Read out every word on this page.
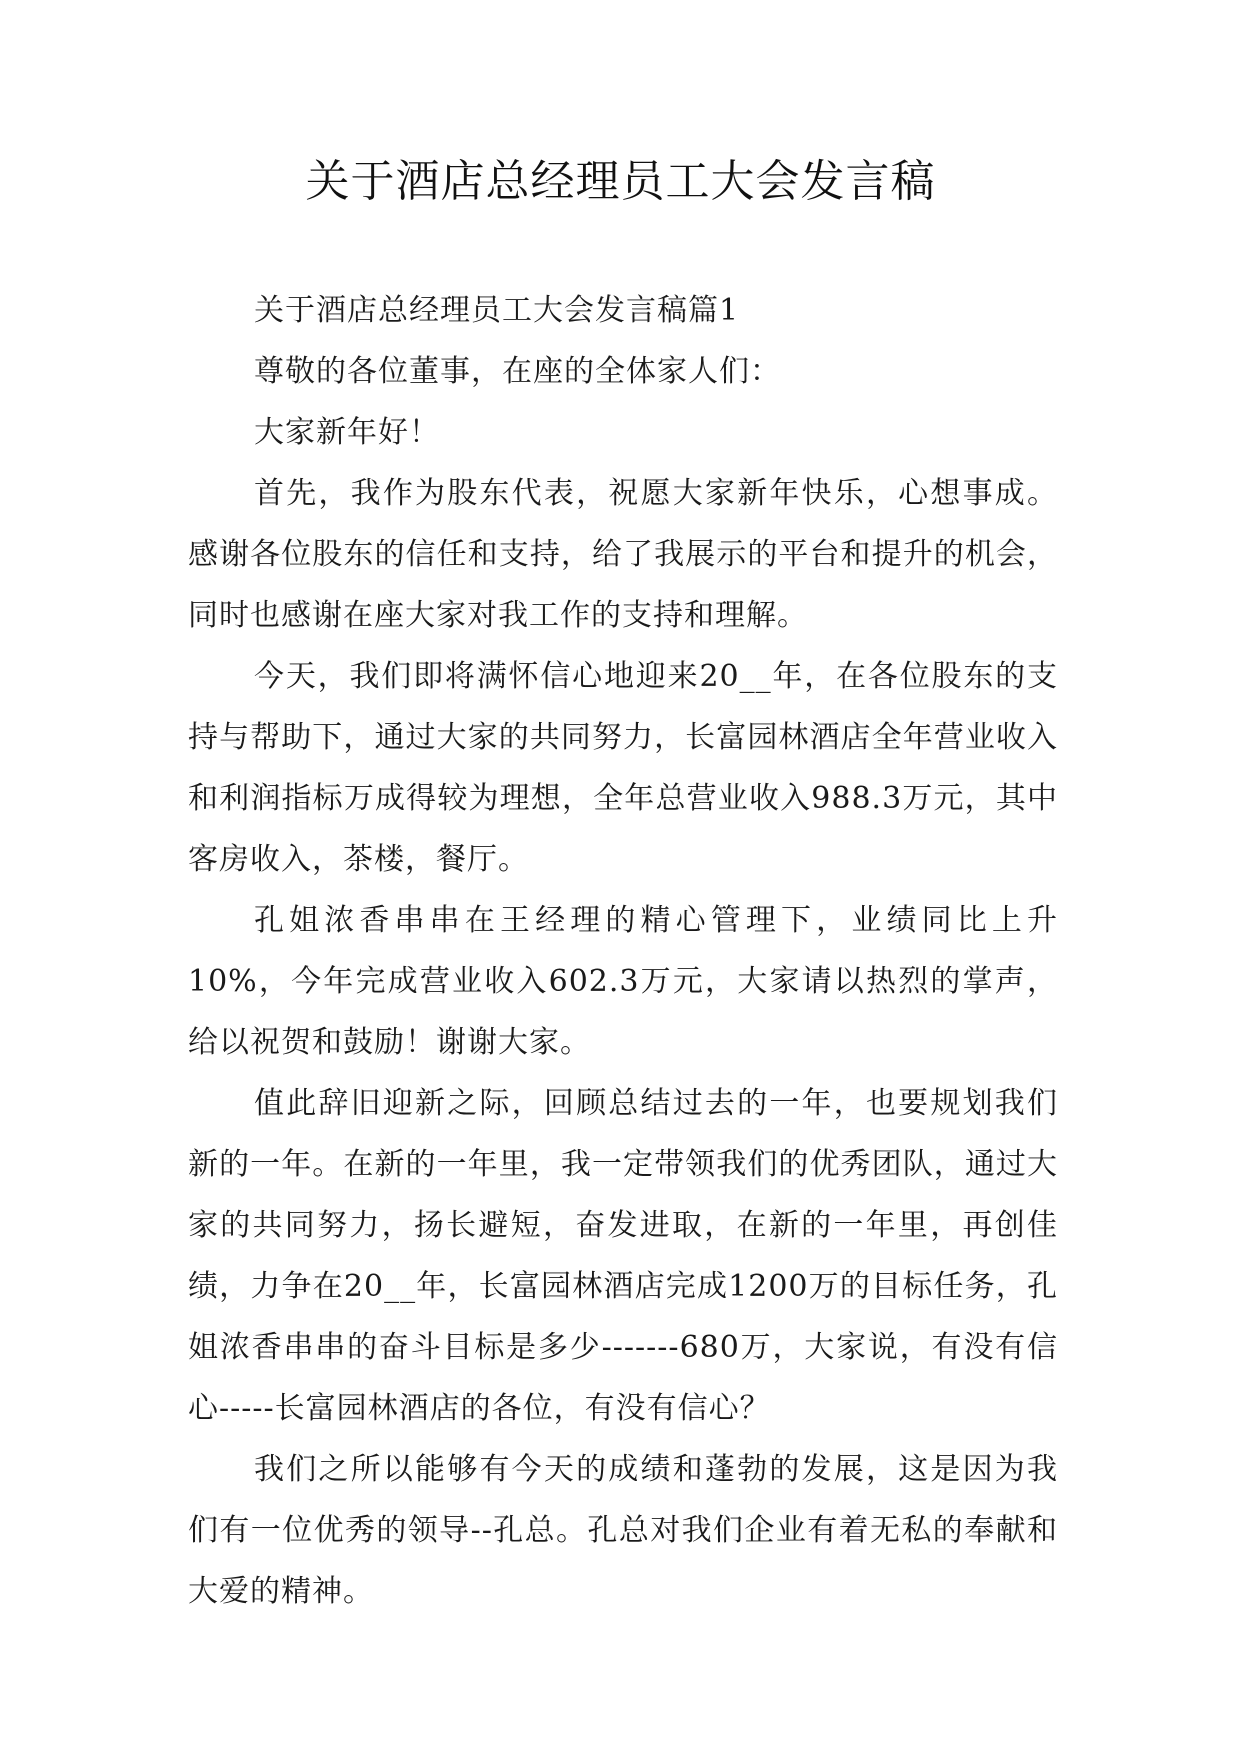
关于酒店总经理员工大会发言稿

关于酒店总经理员工大会发言稿篇1

尊敬的各位董事，在座的全体家人们：

大家新年好！

首先，我作为股东代表，祝愿大家新年快乐，心想事成。感谢各位股东的信任和支持，给了我展示的平台和提升的机会，同时也感谢在座大家对我工作的支持和理解。

今天，我们即将满怀信心地迎来20__年，在各位股东的支持与帮助下，通过大家的共同努力，长富园林酒店全年营业收入和利润指标万成得较为理想，全年总营业收入988.3万元，其中客房收入，茶楼，餐厅。

孔姐浓香串串在王经理的精心管理下，业绩同比上升10%，今年完成营业收入602.3万元，大家请以热烈的掌声，给以祝贺和鼓励！谢谢大家。

值此辞旧迎新之际，回顾总结过去的一年，也要规划我们新的一年。在新的一年里，我一定带领我们的优秀团队，通过大家的共同努力，扬长避短，奋发进取，在新的一年里，再创佳绩，力争在20__年，长富园林酒店完成1200万的目标任务，孔姐浓香串串的奋斗目标是多少-------680万，大家说，有没有信心-----长富园林酒店的各位，有没有信心？

我们之所以能够有今天的成绩和蓬勃的发展，这是因为我们有一位优秀的领导--孔总。孔总对我们企业有着无私的奉献和大爱的精神。
